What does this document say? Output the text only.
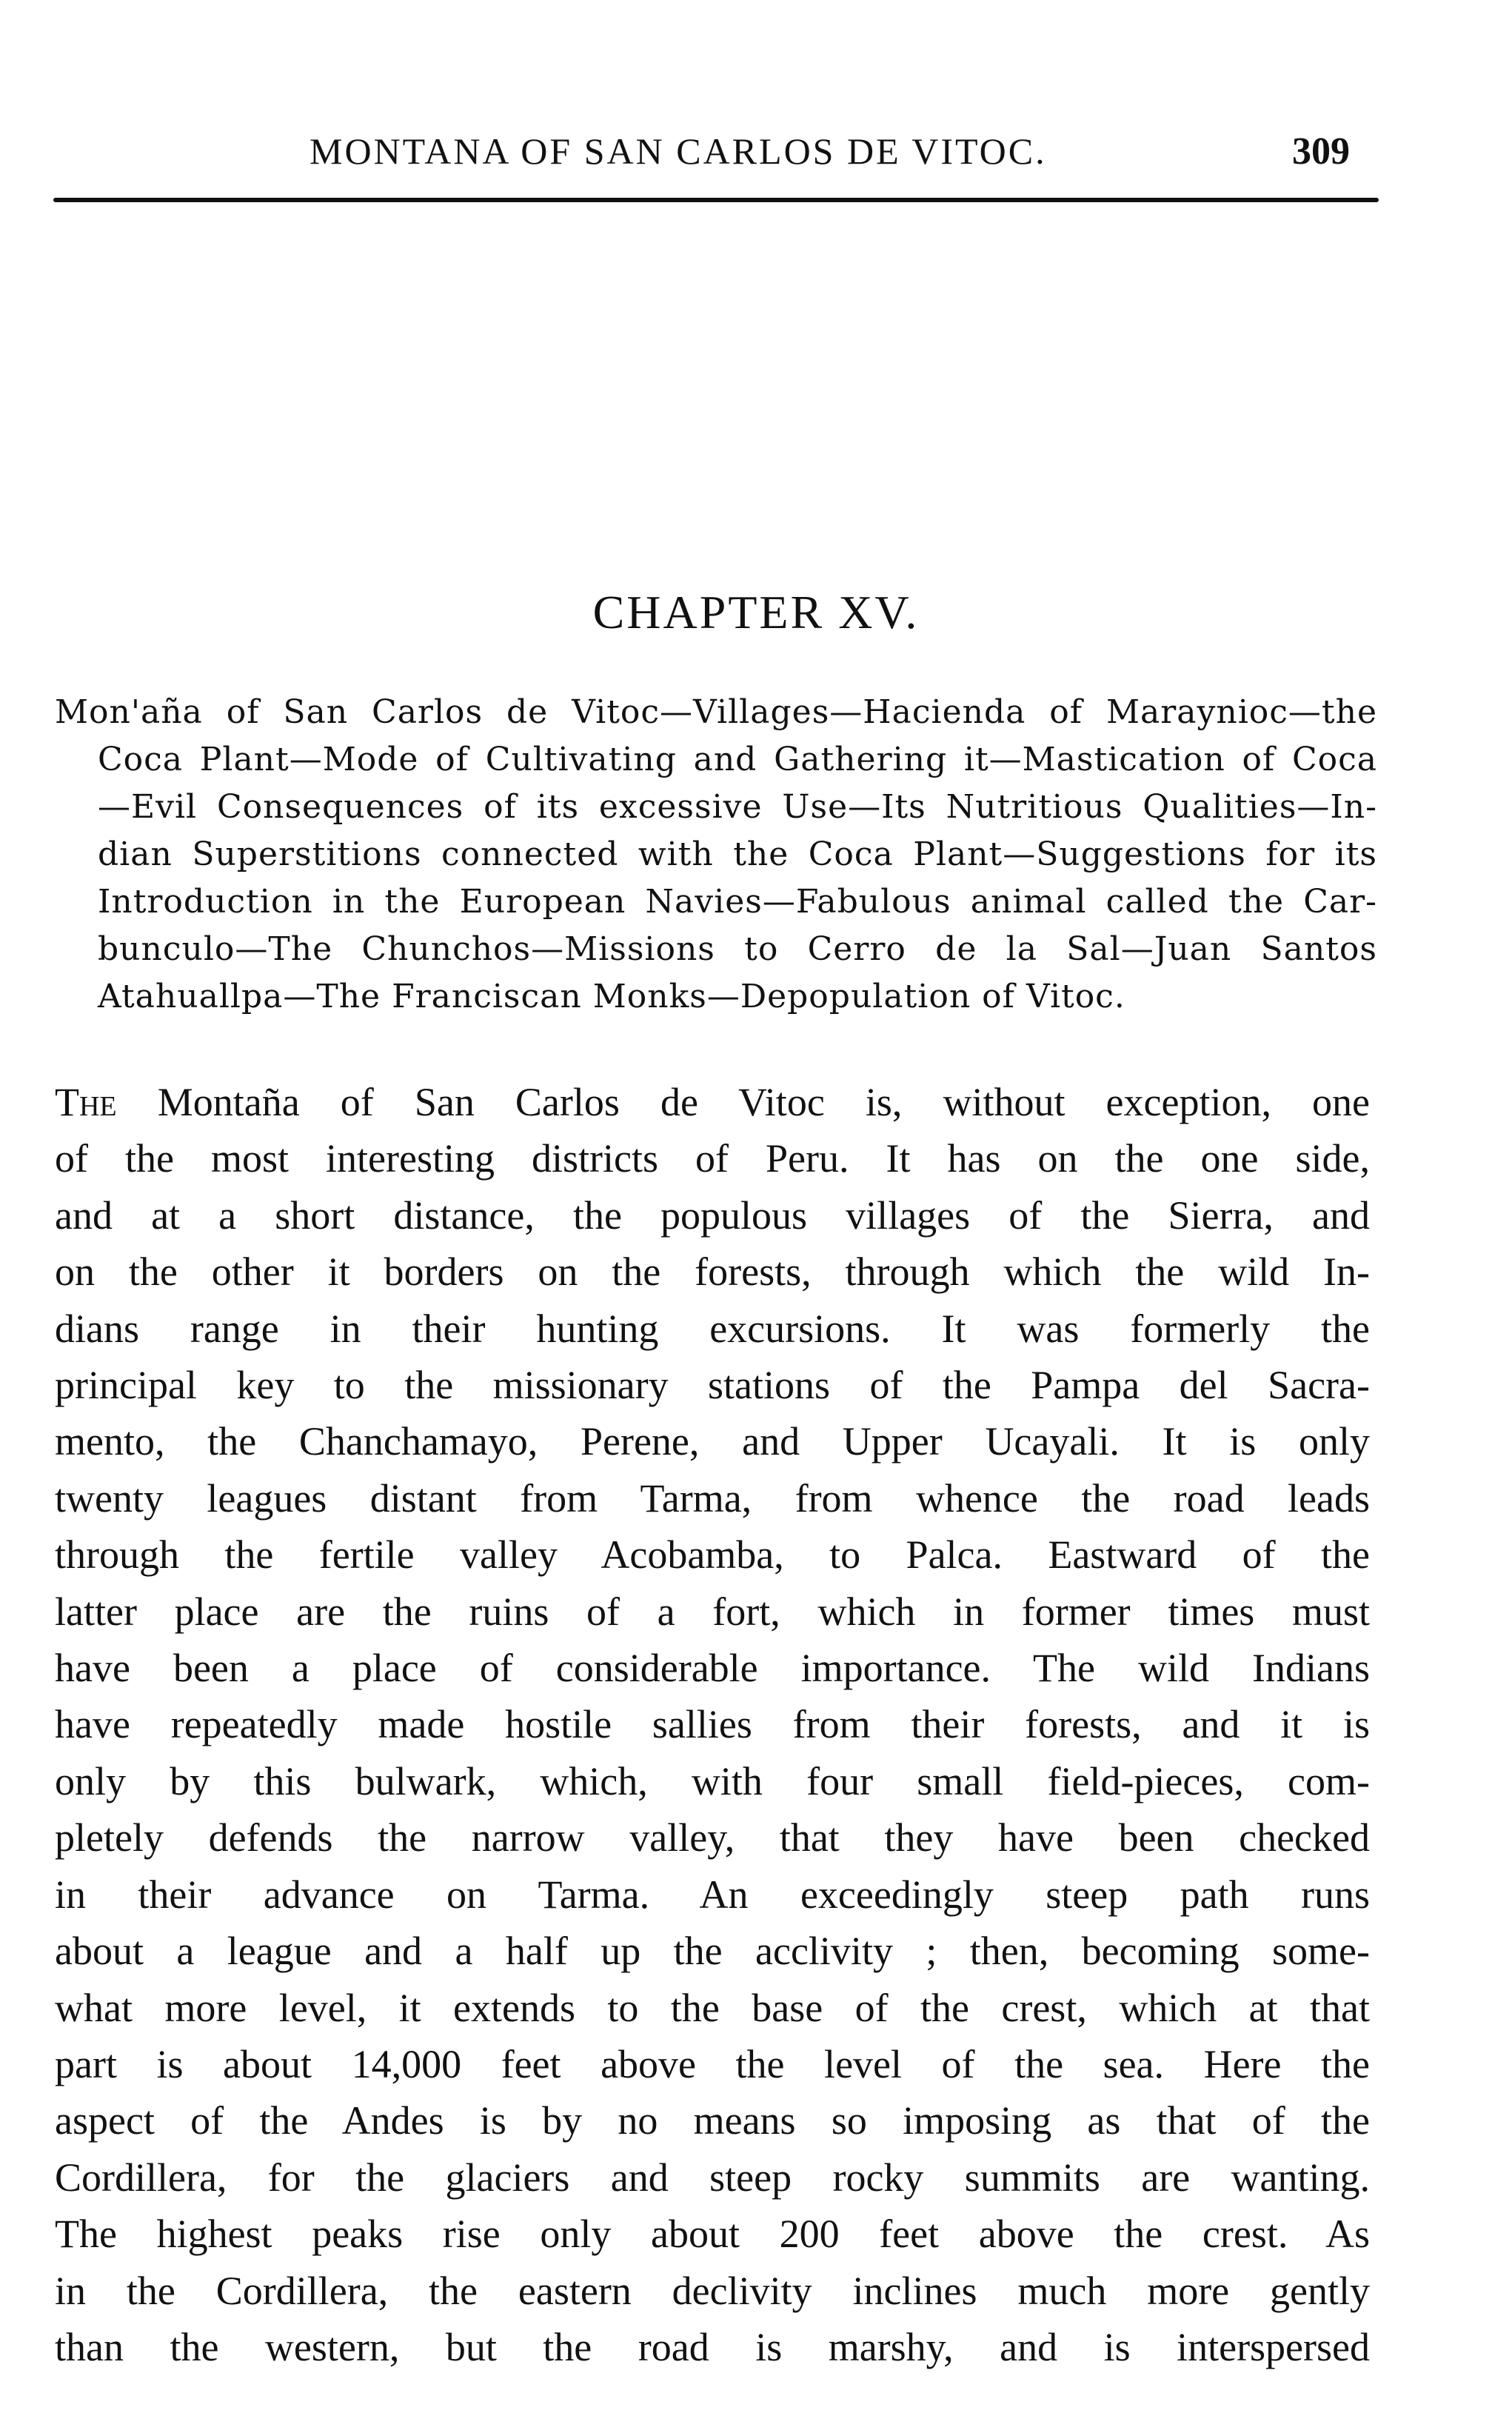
MONTANA OF SAN CARLOS DE VITOC.	309
CHAPTER XV.
Mon'aña of San Carlos de Vitoc—Villages—Hacienda of Maraynioc—the
Coca Plant—Mode of Cultivating and Gathering it—Mastication of Coca
—Evil Consequences of its excessive Use—Its Nutritious Qualities—In-
dian Superstitions connected with the Coca Plant—Suggestions for its
Introduction in the European Navies—Fabulous animal called the Car-
bunculo—The Chunchos—Missions to Cerro de la Sal—Juan Santos
Atahuallpa—The Franciscan Monks—Depopulation of Vitoc.
The Montaña of San Carlos de Vitoc is, without exception, one
of the most interesting districts of Peru. It has on the one side,
and at a short distance, the populous villages of the Sierra, and
on the other it borders on the forests, through which the wild In-
dians range in their hunting excursions. It was formerly the
principal key to the missionary stations of the Pampa del Sacra-
mento, the Chanchamayo, Perene, and Upper Ucayali. It is only
twenty leagues distant from Tarma, from whence the road leads
through the fertile valley Acobamba, to Palca. Eastward of the
latter place are the ruins of a fort, which in former times must
have been a place of considerable importance. The wild Indians
have repeatedly made hostile sallies from their forests, and it is
only by this bulwark, which, with four small field-pieces, com-
pletely defends the narrow valley, that they have been checked
in their advance on Tarma. An exceedingly steep path runs
about a league and a half up the acclivity ; then, becoming some-
what more level, it extends to the base of the crest, which at that
part is about 14,000 feet above the level of the sea. Here the
aspect of the Andes is by no means so imposing as that of the
Cordillera, for the glaciers and steep rocky summits are wanting.
The highest peaks rise only about 200 feet above the crest. As
in the Cordillera, the eastern declivity inclines much more gently
than the western, but the road is marshy, and is interspersed
